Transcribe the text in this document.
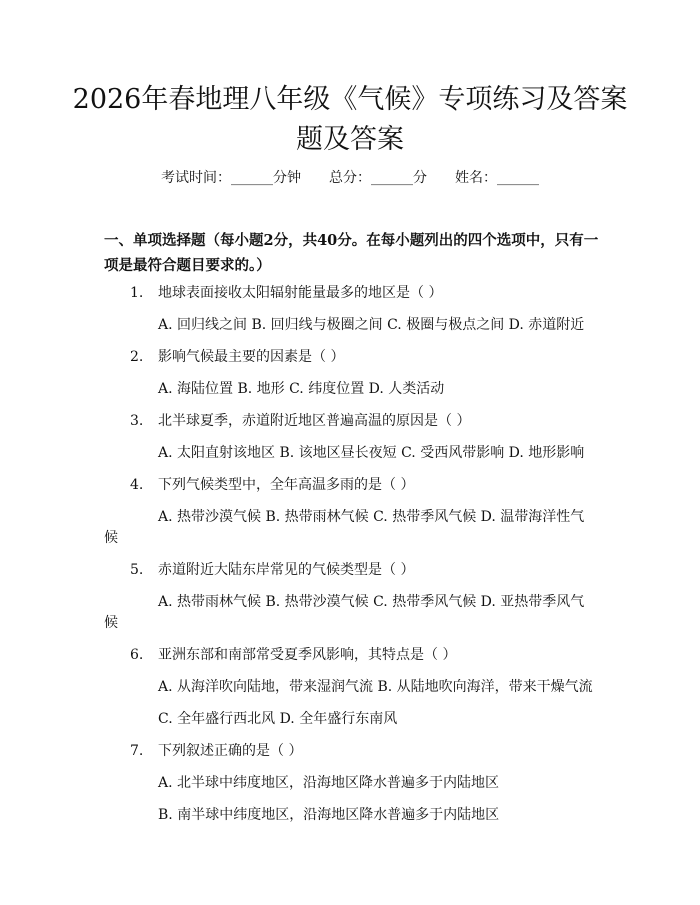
2026年春地理八年级《气候》专项练习及答案题及答案
考试时间：______分钟 总分：______分 姓名：______
一、单项选择题（每小题2分，共40分。在每小题列出的四个选项中，只有一项是最符合题目要求的。）
1. 地球表面接收太阳辐射能量最多的地区是（ ）
A. 回归线之间 B. 回归线与极圈之间 C. 极圈与极点之间 D. 赤道附近
2. 影响气候最主要的因素是（ ）
A. 海陆位置 B. 地形 C. 纬度位置 D. 人类活动
3. 北半球夏季，赤道附近地区普遍高温的原因是（ ）
A. 太阳直射该地区 B. 该地区昼长夜短 C. 受西风带影响 D. 地形影响
4. 下列气候类型中，全年高温多雨的是（ ）
A. 热带沙漠气候 B. 热带雨林气候 C. 热带季风气候 D. 温带海洋性气
候
5. 赤道附近大陆东岸常见的气候类型是（ ）
A. 热带雨林气候 B. 热带沙漠气候 C. 热带季风气候 D. 亚热带季风气
候
6. 亚洲东部和南部常受夏季风影响，其特点是（ ）
A. 从海洋吹向陆地，带来湿润气流 B. 从陆地吹向海洋，带来干燥气流
C. 全年盛行西北风 D. 全年盛行东南风
7. 下列叙述正确的是（ ）
A. 北半球中纬度地区，沿海地区降水普遍多于内陆地区
B. 南半球中纬度地区，沿海地区降水普遍多于内陆地区
